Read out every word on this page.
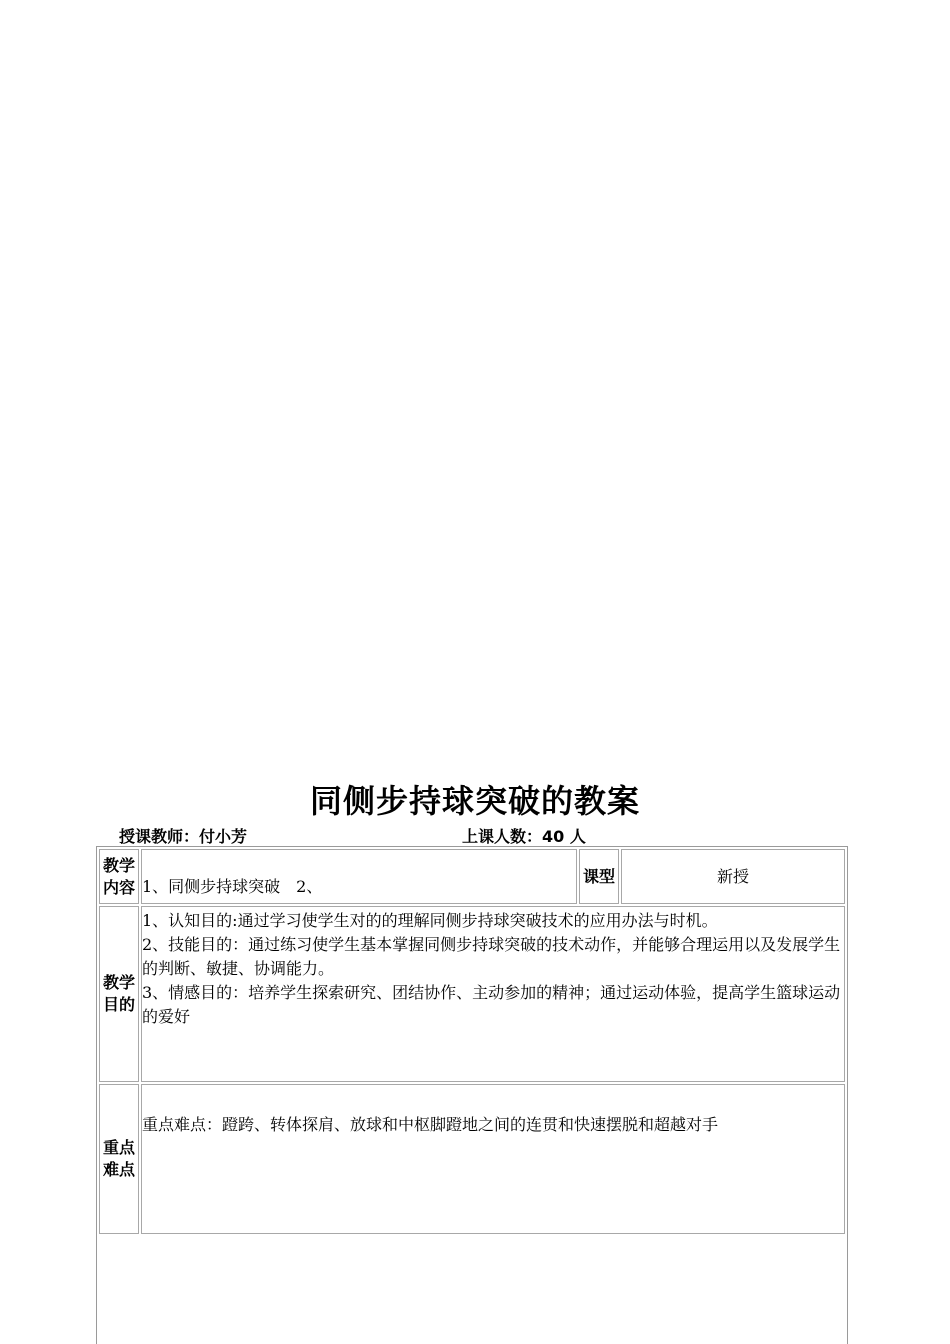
同侧步持球突破的教案
授课教师：付小芳	上课人数：40 人
教学内容	1、同侧步持球突破　2、	课型	新授
教学目的	1、认知目的:通过学习使学生对的的理解同侧步持球突破技术的应用办法与时机。
2、技能目的：通过练习使学生基本掌握同侧步持球突破的技术动作，并能够合理运用以及发展学生的判断、敏捷、协调能力。
3、情感目的：培养学生探索研究、团结协作、主动参加的精神；通过运动体验，提高学生篮球运动的爱好		

重点难点	重点难点：蹬跨、转体探肩、放球和中枢脚蹬地之间的连贯和快速摆脱和超越对手		
